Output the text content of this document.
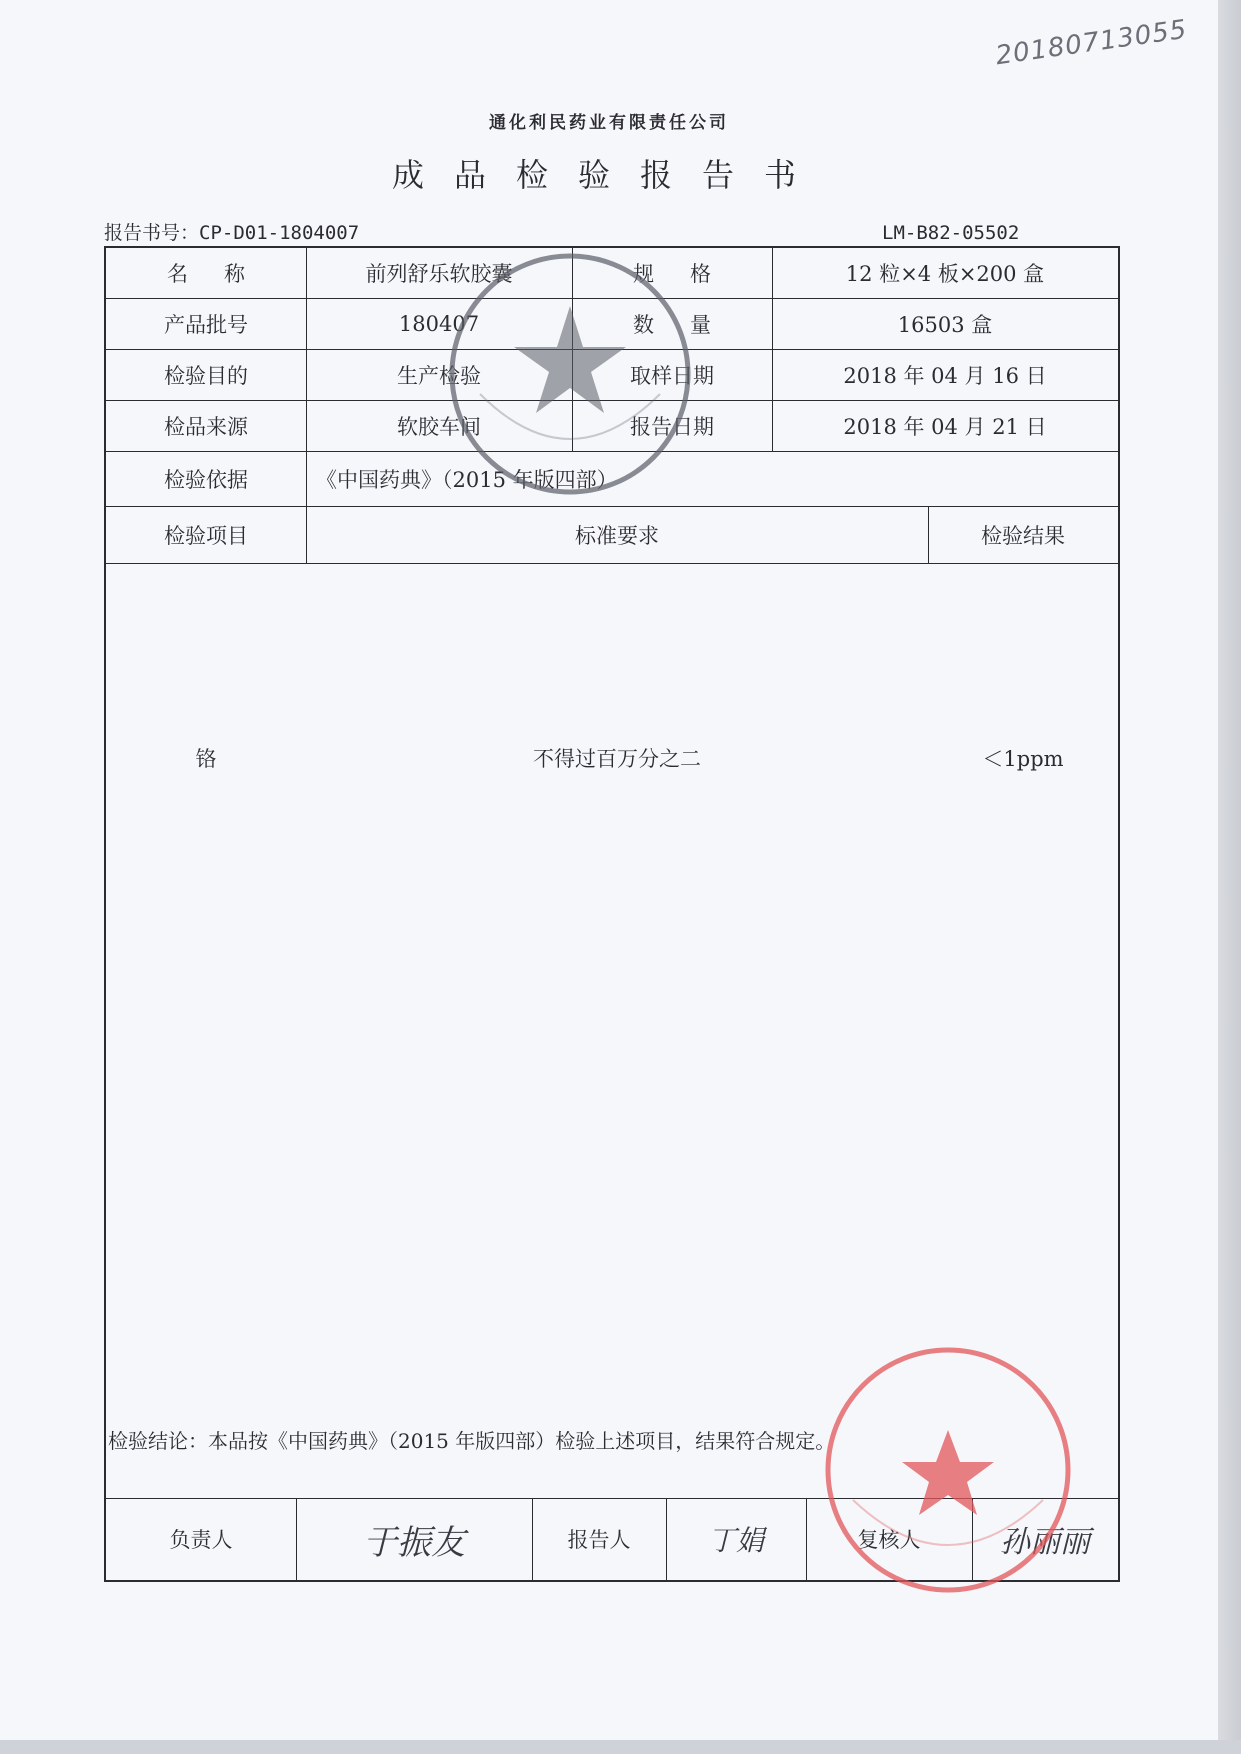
20180713055
通化利民药业有限责任公司
成品检验报告书
报告书号：CP-D01-1804007	LM-B82-05502
名称	前列舒乐软胶囊	规格	12 粒×4 板×200 盒
产品批号	180407	数量	16503 盒
检验目的	生产检验	取样日期	2018 年 04 月 16 日
检品来源	软胶车间	报告日期	2018 年 04 月 21 日
检验依据	《中国药典》（2015 年版四部）
检验项目	标准要求	检验结果
铬	不得过百万分之二	＜1ppm
检验结论：本品按《中国药典》（2015 年版四部）检验上述项目，结果符合规定。
负责人	于振友	报告人	丁娟	复核人	孙丽丽
